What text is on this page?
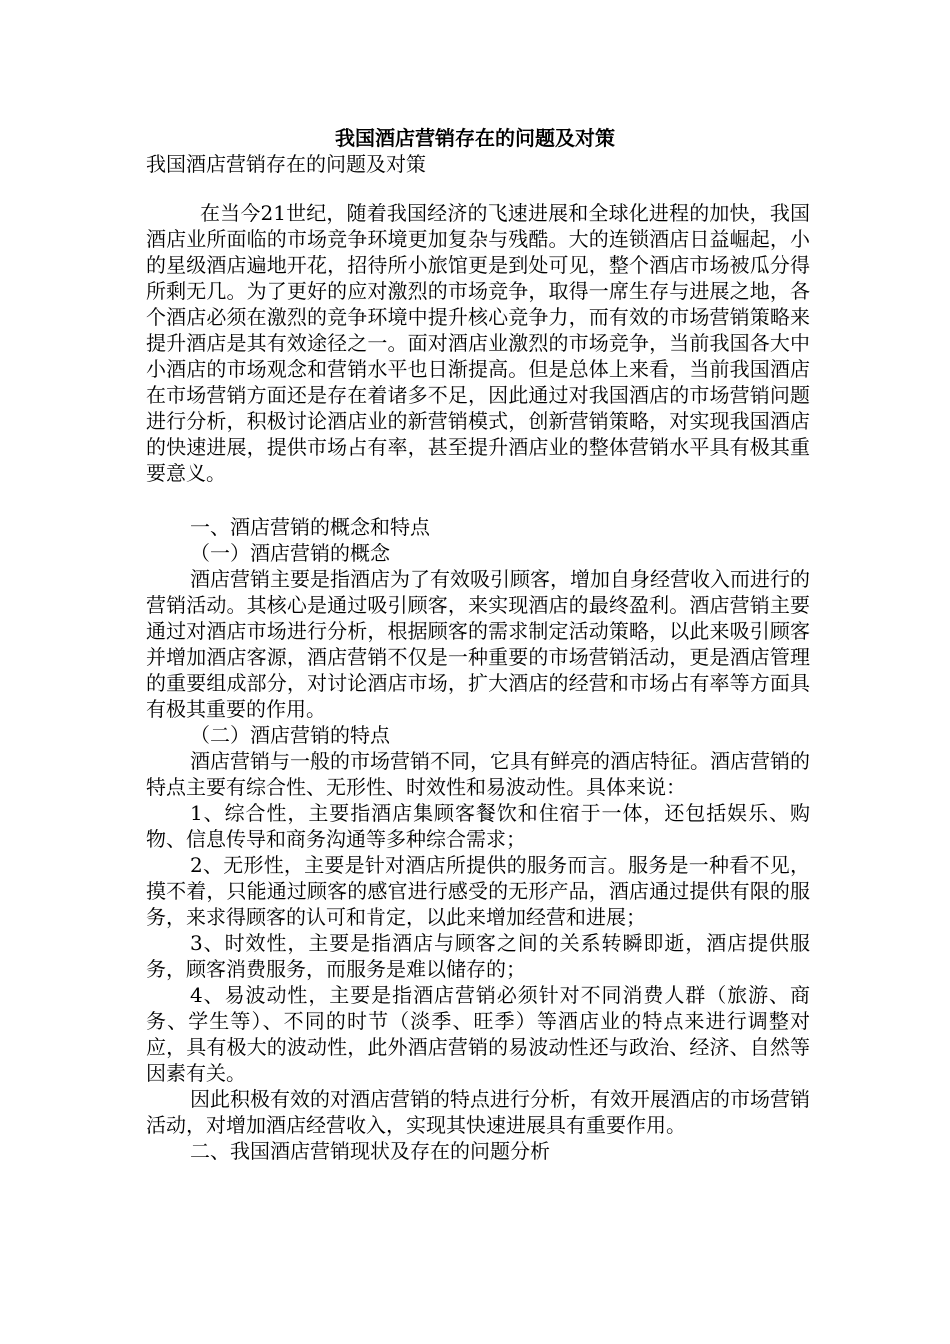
我国酒店营销存在的问题及对策

我国酒店营销存在的问题及对策

在当今21世纪，随着我国经济的飞速进展和全球化进程的加快，我国酒店业所面临的市场竞争环境更加复杂与残酷。大的连锁酒店日益崛起，小的星级酒店遍地开花，招待所小旅馆更是到处可见，整个酒店市场被瓜分得所剩无几。为了更好的应对激烈的市场竞争，取得一席生存与进展之地，各个酒店必须在激烈的竞争环境中提升核心竞争力，而有效的市场营销策略来提升酒店是其有效途径之一。面对酒店业激烈的市场竞争，当前我国各大中小酒店的市场观念和营销水平也日渐提高。但是总体上来看，当前我国酒店在市场营销方面还是存在着诸多不足，因此通过对我国酒店的市场营销问题进行分析，积极讨论酒店业的新营销模式，创新营销策略，对实现我国酒店的快速进展，提供市场占有率，甚至提升酒店业的整体营销水平具有极其重要意义。

一、酒店营销的概念和特点

（一）酒店营销的概念

酒店营销主要是指酒店为了有效吸引顾客，增加自身经营收入而进行的营销活动。其核心是通过吸引顾客，来实现酒店的最终盈利。酒店营销主要通过对酒店市场进行分析，根据顾客的需求制定活动策略，以此来吸引顾客并增加酒店客源，酒店营销不仅是一种重要的市场营销活动，更是酒店管理的重要组成部分，对讨论酒店市场，扩大酒店的经营和市场占有率等方面具有极其重要的作用。

（二）酒店营销的特点

酒店营销与一般的市场营销不同，它具有鲜亮的酒店特征。酒店营销的特点主要有综合性、无形性、时效性和易波动性。具体来说：

1、综合性，主要指酒店集顾客餐饮和住宿于一体，还包括娱乐、购物、信息传导和商务沟通等多种综合需求；

2、无形性，主要是针对酒店所提供的服务而言。服务是一种看不见，摸不着，只能通过顾客的感官进行感受的无形产品，酒店通过提供有限的服务，来求得顾客的认可和肯定，以此来增加经营和进展；

3、时效性，主要是指酒店与顾客之间的关系转瞬即逝，酒店提供服务，顾客消费服务，而服务是难以储存的；

4、易波动性，主要是指酒店营销必须针对不同消费人群（旅游、商务、学生等）、不同的时节（淡季、旺季）等酒店业的特点来进行调整对应，具有极大的波动性，此外酒店营销的易波动性还与政治、经济、自然等因素有关。

因此积极有效的对酒店营销的特点进行分析，有效开展酒店的市场营销活动，对增加酒店经营收入，实现其快速进展具有重要作用。

二、我国酒店营销现状及存在的问题分析
